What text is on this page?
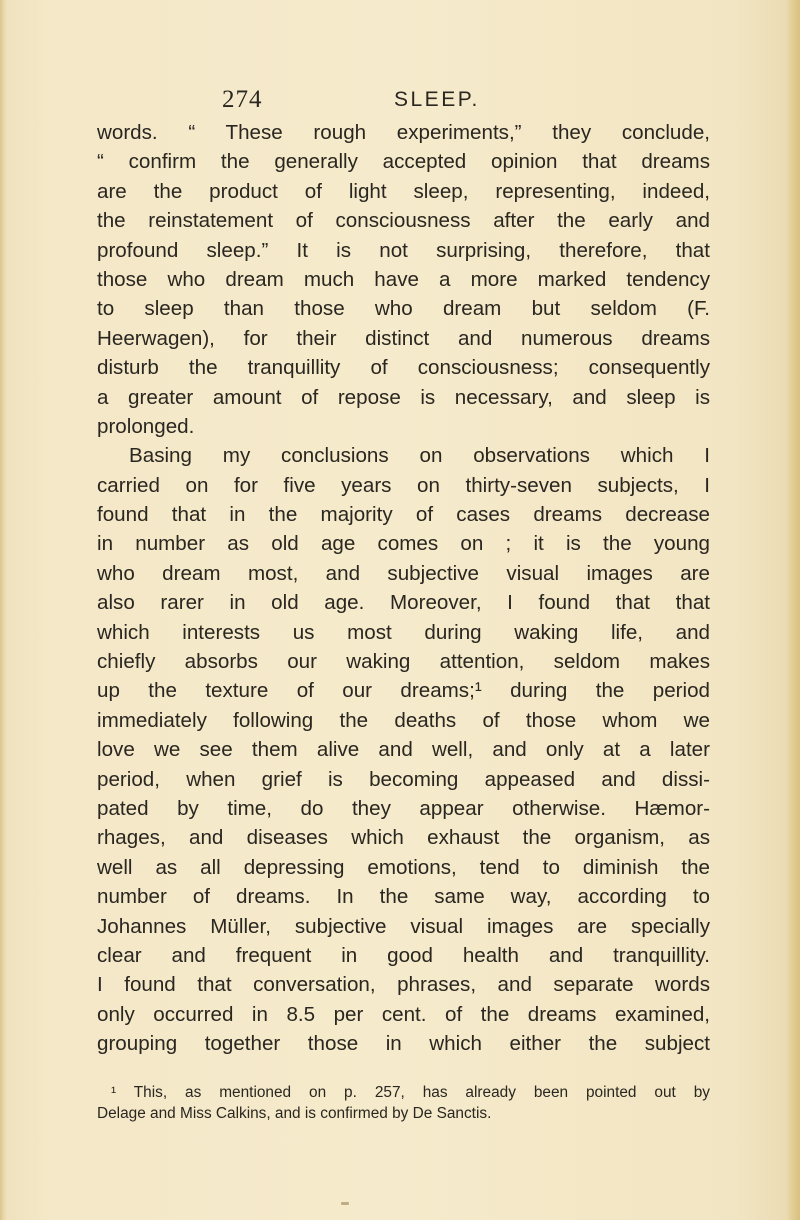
274	SLEEP.
words. “ These rough experiments,” they conclude,
“ confirm the generally accepted opinion that dreams
are the product of light sleep, representing, indeed,
the reinstatement of consciousness after the early and
profound sleep.” It is not surprising, therefore, that
those who dream much have a more marked tendency
to sleep than those who dream but seldom (F.
Heerwagen), for their distinct and numerous dreams
disturb the tranquillity of consciousness; consequently
a greater amount of repose is necessary, and sleep is
prolonged.
Basing my conclusions on observations which I
carried on for five years on thirty-seven subjects, I
found that in the majority of cases dreams decrease
in number as old age comes on ; it is the young
who dream most, and subjective visual images are
also rarer in old age. Moreover, I found that that
which interests us most during waking life, and
chiefly absorbs our waking attention, seldom makes
up the texture of our dreams;¹ during the period
immediately following the deaths of those whom we
love we see them alive and well, and only at a later
period, when grief is becoming appeased and dissi-
pated by time, do they appear otherwise. Hæmor-
rhages, and diseases which exhaust the organism, as
well as all depressing emotions, tend to diminish the
number of dreams. In the same way, according to
Johannes Müller, subjective visual images are specially
clear and frequent in good health and tranquillity.
I found that conversation, phrases, and separate words
only occurred in 8.5 per cent. of the dreams examined,
grouping together those in which either the subject
¹ This, as mentioned on p. 257, has already been pointed out by
Delage and Miss Calkins, and is confirmed by De Sanctis.
